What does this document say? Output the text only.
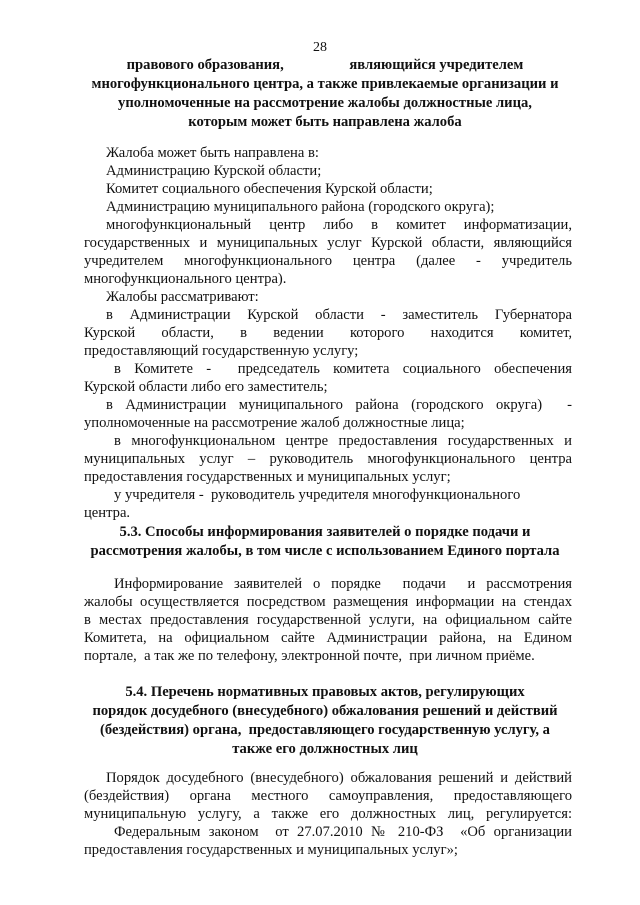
28
правового образования,                  являющийся учредителем
многофункционального центра, а также привлекаемые организации и
уполномоченные на рассмотрение жалобы должностные лица,
которым может быть направлена жалоба
Жалоба может быть направлена в:
Администрацию Курской области;
Комитет социального обеспечения Курской области;
Администрацию муниципального района (городского округа);
многофункциональный центр либо в комитет информатизации,
государственных и муниципальных услуг Курской области, являющийся
учредителем многофункционального центра (далее - учредитель
многофункционального центра).
Жалобы рассматривают:
в Администрации Курской области - заместитель Губернатора
Курской области, в ведении которого находится комитет,
предоставляющий государственную услугу;
в Комитете -  председатель комитета социального обеспечения
Курской области либо его заместитель;
в Администрации муниципального района (городского округа)  -
уполномоченные на рассмотрение жалоб должностные лица;
в многофункциональном центре предоставления государственных и
муниципальных услуг – руководитель многофункционального центра
предоставления государственных и муниципальных услуг;
у учредителя -  руководитель учредителя многофункционального
центра.
5.3. Способы информирования заявителей о порядке подачи и
рассмотрения жалобы, в том числе с использованием Единого портала
Информирование заявителей о порядке  подачи  и рассмотрения
жалобы осуществляется посредством размещения информации на стендах
в местах предоставления государственной услуги, на официальном сайте
Комитета, на официальном сайте Администрации района, на Едином
портале,  а так же по телефону, электронной почте,  при личном приёме.
5.4. Перечень нормативных правовых актов, регулирующих
порядок досудебного (внесудебного) обжалования решений и действий
(бездействия) органа,  предоставляющего государственную услугу, а
также его должностных лиц
Порядок досудебного (внесудебного) обжалования решений и действий
(бездействия) органа местного самоуправления, предоставляющего
муниципальную услугу, а также его должностных лиц, регулируется:
Федеральным законом  от 27.07.2010 № 210-ФЗ  «Об организации
предоставления государственных и муниципальных услуг»;
